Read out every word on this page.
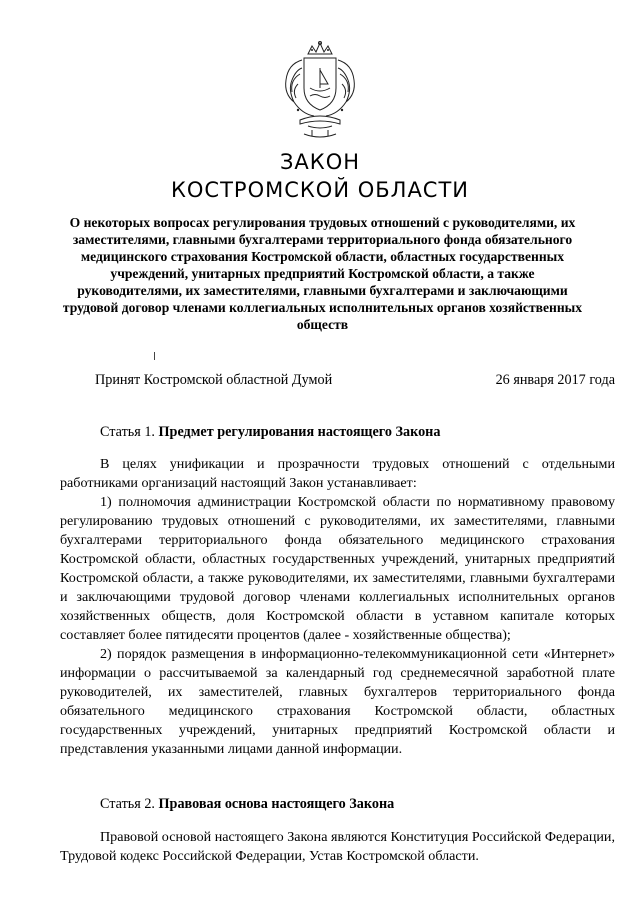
ЗАКОН
КОСТРОМСКОЙ ОБЛАСТИ
О некоторых вопросах регулирования трудовых отношений с руководителями, их заместителями, главными бухгалтерами территориального фонда обязательного медицинского страхования Костромской области, областных государственных учреждений, унитарных предприятий Костромской области, а также руководителями, их заместителями, главными бухгалтерами и заключающими трудовой договор членами коллегиальных исполнительных органов хозяйственных обществ
Принят Костромской областной Думой	26 января 2017 года
Статья 1. Предмет регулирования настоящего Закона

В целях унификации и прозрачности трудовых отношений с отдельными работниками организаций настоящий Закон устанавливает:

1) полномочия администрации Костромской области по нормативному правовому регулированию трудовых отношений с руководителями, их заместителями, главными бухгалтерами территориального фонда обязательного медицинского страхования Костромской области, областных государственных учреждений, унитарных предприятий Костромской области, а также руководителями, их заместителями, главными бухгалтерами и заключающими трудовой договор членами коллегиальных исполнительных органов хозяйственных обществ, доля Костромской области в уставном капитале которых составляет более пятидесяти процентов (далее - хозяйственные общества);

2) порядок размещения в информационно-телекоммуникационной сети «Интернет» информации о рассчитываемой за календарный год среднемесячной заработной плате руководителей, их заместителей, главных бухгалтеров территориального фонда обязательного медицинского страхования Костромской области, областных государственных учреждений, унитарных предприятий Костромской области и представления указанными лицами данной информации.

Статья 2. Правовая основа настоящего Закона

Правовой основой настоящего Закона являются Конституция Российской Федерации, Трудовой кодекс Российской Федерации, Устав Костромской области.
